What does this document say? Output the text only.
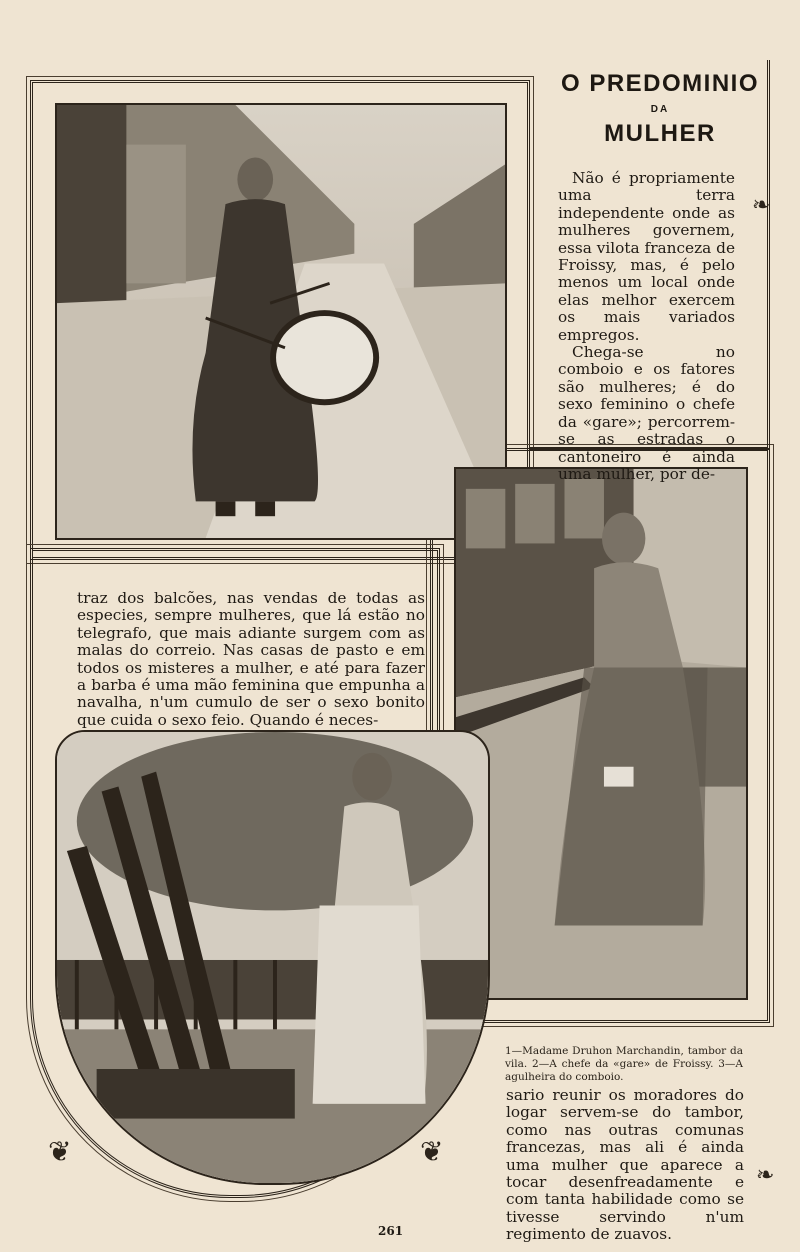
O PREDOMINIO
DA
MULHER

Não é propriamente uma terra independente onde as mulheres governem, essa vilota franceza de Froissy, mas, é pelo menos um local onde elas melhor exercem os mais variados empregos.

Chega-se no comboio e os fatores são mulheres; é do sexo feminino o chefe da «gare»; percorrem-se as estradas o cantoneiro é ainda uma mulher, por de-

traz dos balcões, nas vendas de todas as especies, sempre mulheres, que lá estão no telegrafo, que mais adiante surgem com as malas do correio. Nas casas de pasto e em todos os misteres a mulher, e até para fazer a barba é uma mão feminina que empunha a navalha, n'um cumulo de ser o sexo bonito que cuida o sexo feio. Quando é neces-

1—Madame Druhon Marchandin, tambor da vila. 2—A chefe da «gare» de Froissy. 3—A agulheira do comboio.

sario reunir os moradores do logar servem-se do tambor, como nas outras comunas francezas, mas ali é ainda uma mulher que aparece a tocar desenfreadamente e com tanta habilidade como se tivesse servindo n'um regimento de zuavos.

❦	❦
❧
❧
261
